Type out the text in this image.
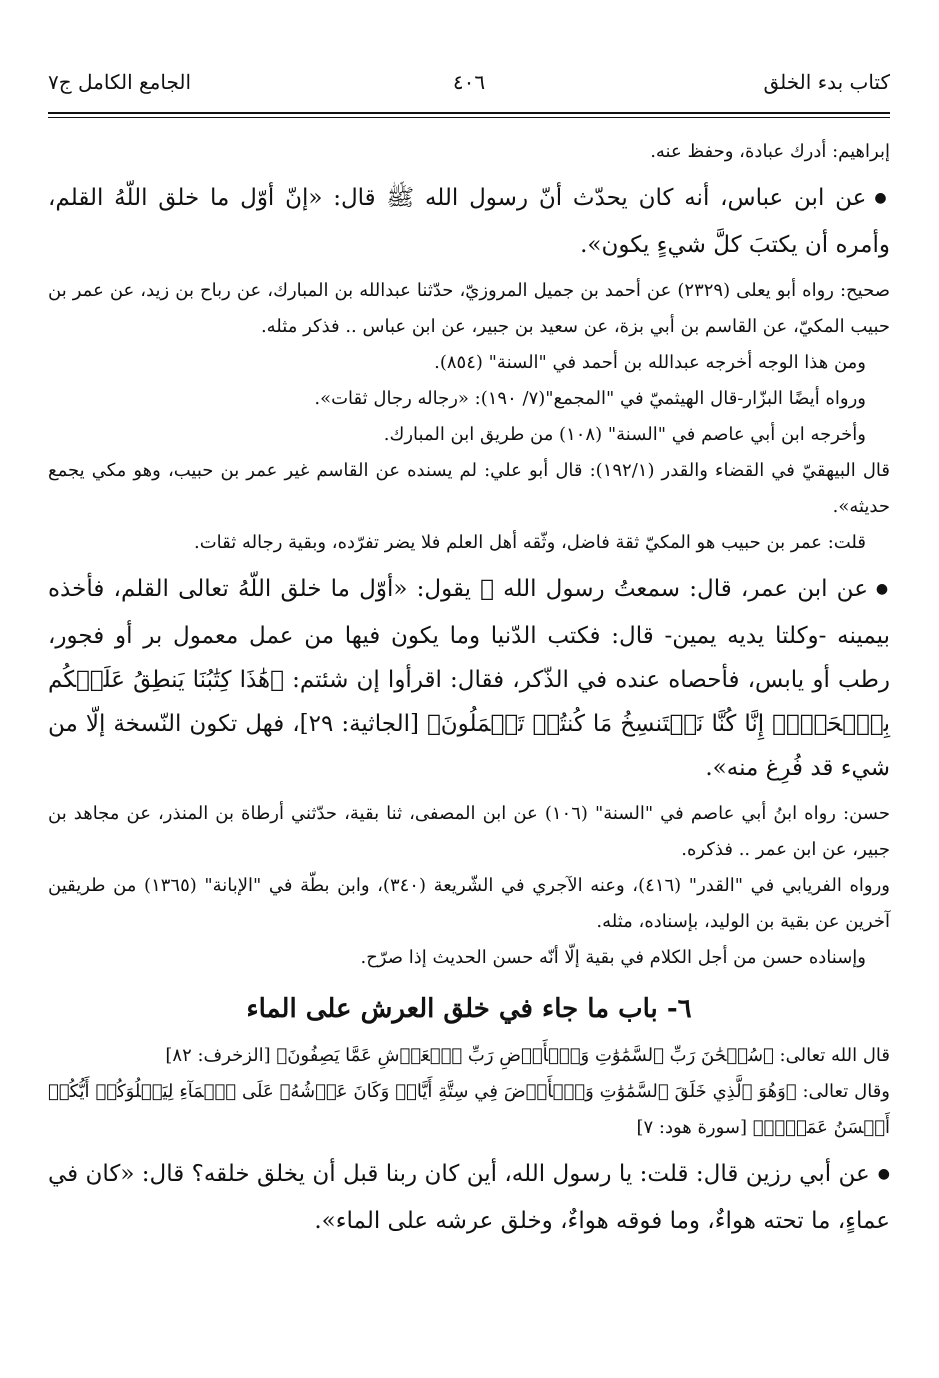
كتاب بدء الخلق
٤٠٦
الجامع الكامل ج٧

إبراهيم: أدرك عبادة، وحفظ عنه.

● عن ابن عباس، أنه كان يحدّث أنّ رسول الله ﷺ قال: «إنّ أوّل ما خلق اللّهُ القلم، وأمره أن يكتبَ كلَّ شيءٍ يكون».

صحيح: رواه أبو يعلى (٢٣٢٩) عن أحمد بن جميل المروزيّ، حدّثنا عبدالله بن المبارك، عن رباح بن زيد، عن عمر بن حبيب المكيّ، عن القاسم بن أبي بزة، عن سعيد بن جبير، عن ابن عباس .. فذكر مثله.

ومن هذا الوجه أخرجه عبدالله بن أحمد في "السنة" (٨٥٤).

ورواه أيضًا البزّار-قال الهيثميّ في "المجمع"(٧/ ١٩٠): «رجاله رجال ثقات».

وأخرجه ابن أبي عاصم في "السنة" (١٠٨) من طريق ابن المبارك.

قال البيهقيّ في القضاء والقدر (١٩٢/١): قال أبو علي: لم يسنده عن القاسم غير عمر بن حبيب، وهو مكي يجمع حديثه».

قلت: عمر بن حبيب هو المكيّ ثقة فاضل، وثّقه أهل العلم فلا يضر تفرّده، وبقية رجاله ثقات.

● عن ابن عمر، قال: سمعتُ رسول الله ﷺ يقول: «أوّل ما خلق اللّهُ تعالى القلم، فأخذه بيمينه -وكلتا يديه يمين- قال: فكتب الدّنيا وما يكون فيها من عمل معمول بر أو فجور، رطب أو يابس، فأحصاه عنده في الذّكر، فقال: اقرأوا إن شئتم: ﴿هَٰذَا كِتَٰبُنَا يَنطِقُ عَلَيۡكُم بِٱلۡحَقِّۚ إِنَّا كُنَّا نَسۡتَنسِخُ مَا كُنتُمۡ تَعۡمَلُونَ﴾ [الجاثية: ٢٩]، فهل تكون النّسخة إلّا من شيء قد فُرِغ منه».

حسن: رواه ابنُ أبي عاصم في "السنة" (١٠٦) عن ابن المصفى، ثنا بقية، حدّثني أرطاة بن المنذر، عن مجاهد بن جبير، عن ابن عمر .. فذكره.

ورواه الفريابي في "القدر" (٤١٦)، وعنه الآجري في الشّريعة (٣٤٠)، وابن بطّة في "الإبانة" (١٣٦٥) من طريقين آخرين عن بقية بن الوليد، بإسناده، مثله.

وإسناده حسن من أجل الكلام في بقية إلّا أنّه حسن الحديث إذا صرّح.

٦- باب ما جاء في خلق العرش على الماء

قال الله تعالى: ﴿سُبۡحَٰنَ رَبِّ ٱلسَّمَٰوَٰتِ وَٱلۡأَرۡضِ رَبِّ ٱلۡعَرۡشِ عَمَّا يَصِفُونَ﴾ [الزخرف: ٨٢]

وقال تعالى: ﴿وَهُوَ ٱلَّذِي خَلَقَ ٱلسَّمَٰوَٰتِ وَٱلۡأَرۡضَ فِي سِتَّةِ أَيَّامٖ وَكَانَ عَرۡشُهُۥ عَلَى ٱلۡمَآءِ لِيَبۡلُوَكُمۡ أَيُّكُمۡ أَحۡسَنُ عَمَلٗاۗ﴾ [سورة هود: ٧]

● عن أبي رزين قال: قلت: يا رسول الله، أين كان ربنا قبل أن يخلق خلقه؟ قال: «كان في عماءٍ، ما تحته هواءٌ، وما فوقه هواءٌ، وخلق عرشه على الماء».
